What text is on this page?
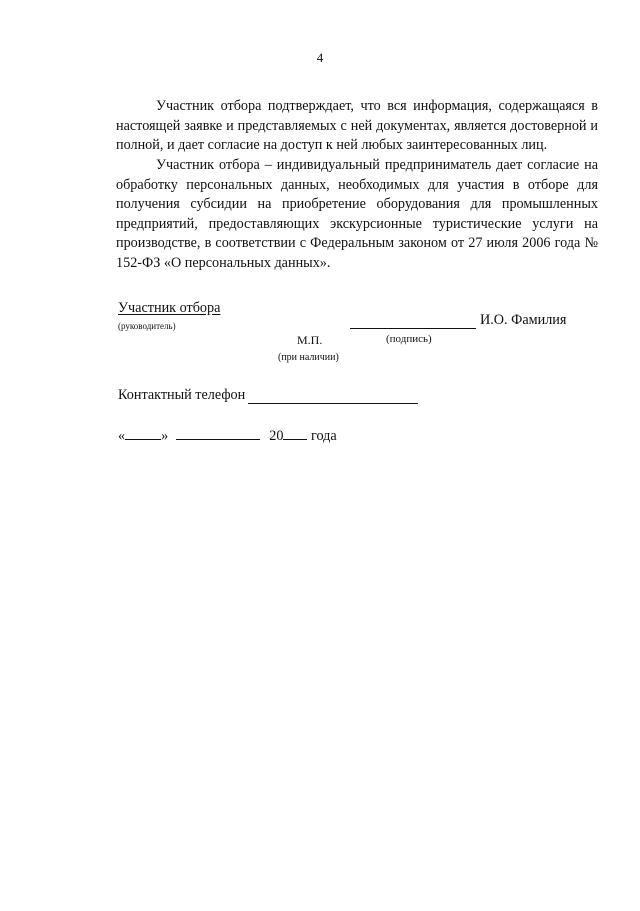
4

Участник отбора подтверждает, что вся информация, содержащаяся в настоящей заявке и представляемых с ней документах, является достоверной и полной, и дает согласие на доступ к ней любых заинтересованных лиц.

Участник отбора – индивидуальный предприниматель дает согласие на обработку персональных данных, необходимых для участия в отборе для получения субсидии на приобретение оборудования для промышленных предприятий, предоставляющих экскурсионные туристические услуги на производстве, в соответствии с Федеральным законом от 27 июля 2006 года № 152-ФЗ «О персональных данных».

Участник отбора
(руководитель)	И.О. Фамилия
М.П.	(подпись)
(при наличии)
Контактный телефон
«	»	20 года
